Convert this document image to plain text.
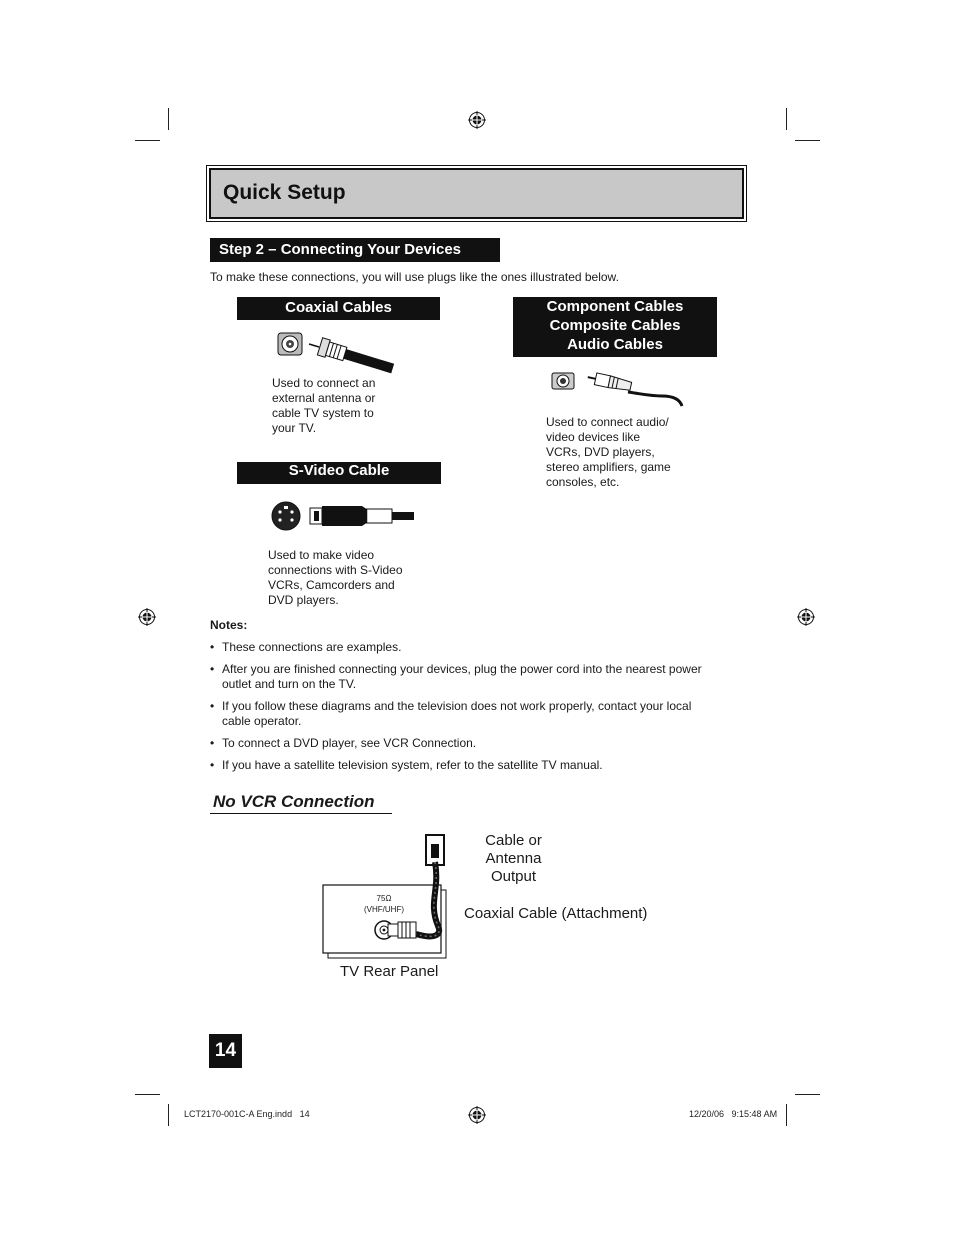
Quick Setup
Step 2 – Connecting Your Devices
To make these connections, you will use plugs like the ones illustrated below.
Coaxial Cables
Used to connect an
external antenna or
cable TV system to
your TV.
S-Video Cable
Used to make video
connections with S-Video
VCRs, Camcorders and
DVD players.
Component Cables
Composite Cables
Audio Cables
Used to connect audio/
video devices like
VCRs, DVD players,
stereo amplifiers, game
consoles, etc.
Notes:
• These connections are examples.
• After you are finished connecting your devices, plug the power cord into the nearest power
outlet and turn on the TV.
• If you follow these diagrams and the television does not work properly, contact your local
cable operator.
• To connect a DVD player, see VCR Connection.
• If you have a satellite television system, refer to the satellite TV manual.
No VCR Connection
75Ω
(VHF/UHF)
Cable or Antenna
Output
Coaxial Cable (Attachment)
TV Rear Panel
14
LCT2170-001C-A Eng.indd   14	12/20/06   9:15:48 AM
